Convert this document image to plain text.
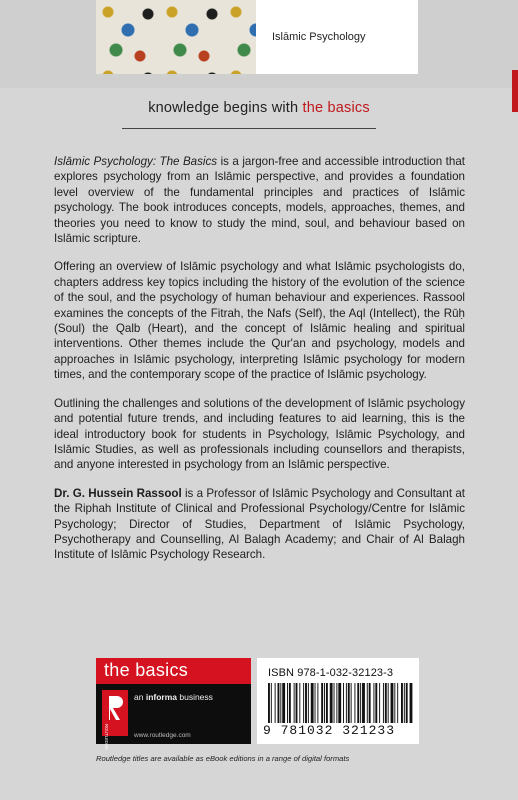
Islāmic Psychology
knowledge begins with the basics

Islāmic Psychology: The Basics is a jargon-free and accessible introduction that explores psychology from an Islāmic perspective, and provides a foundation level overview of the fundamental principles and practices of Islāmic psychology. The book introduces concepts, models, approaches, themes, and theories you need to know to study the mind, soul, and behaviour based on Islāmic scripture.

Offering an overview of Islāmic psychology and what Islāmic psychologists do, chapters address key topics including the history of the evolution of the science of the soul, and the psychology of human behaviour and experiences. Rassool examines the concepts of the Fitrah, the Nafs (Self), the Aql (Intellect), the Rūḥ (Soul) the Qalb (Heart), and the concept of Islāmic healing and spiritual interventions. Other themes include the Qur'an and psychology, models and approaches in Islāmic psychology, interpreting Islāmic psychology for modern times, and the contemporary scope of the practice of Islāmic psychology.

Outlining the challenges and solutions of the development of Islāmic psychology and potential future trends, and including features to aid learning, this is the ideal introductory book for students in Psychology, Islāmic Psychology, and Islāmic Studies, as well as professionals including counsellors and therapists, and anyone interested in psychology from an Islāmic perspective.

Dr. G. Hussein Rassool is a Professor of Islāmic Psychology and Consultant at the Riphah Institute of Clinical and Professional Psychology/Centre for Islāmic Psychology; Director of Studies, Department of Islāmic Psychology, Psychotherapy and Counselling, Al Balagh Academy; and Chair of Al Balagh Institute of Islāmic Psychology Research.

the basics
ROUTLEDGE
an informa business
www.routledge.com
ISBN 978-1-032-32123-3
9 781032 321233
Routledge titles are available as eBook editions in a range of digital formats
